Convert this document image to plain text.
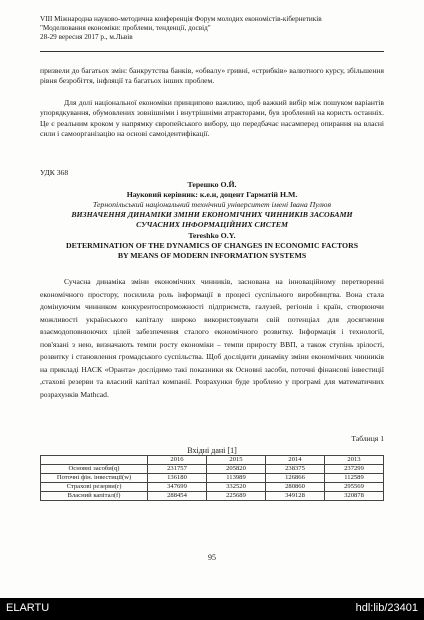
VIII Міжнародна науково-методична конференція Форум молодих економістів-кібернетиків
"Моделювання економіки: проблеми, тенденції, досвід"
28-29 вересня 2017 р., м.Львів

призвели до багатьох змін: банкрутства банків, «обвалу» гривні, «стрибків» валютного курсу, збільшення рівня безробіття, інфляції та багатьох інших проблем.

Для долі національної економіки принципово важливо, щоб важкий вибір між пошуком варіантів упорядкування, обумовлених зовнішніми і внутрішніми атракторами, був зроблений на користь останніх. Це є реальним кроком у напрямку європейського вибору, що передбачає насамперед опирання на власні сили і самоорганізацію на основі самоідентифікації.

УДК 368

Терешко О.Й.

Науковий керівник: к.е.н, доцент Гарматій Н.М.

Тернопільський національний технічний університет імені Івана Пулюя

ВИЗНАЧЕННЯ ДИНАМІКИ ЗМІНИ ЕКОНОМІЧНИХ ЧИННИКІВ ЗАСОБАМИ СУЧАСНИХ ІНФОРМАЦІЙНИХ СИСТЕМ

Tereshko O.Y.

DETERMINATION OF THE DYNAMICS OF CHANGES IN ECONOMIC FACTORS BY MEANS OF MODERN INFORMATION SYSTEMS

Сучасна динаміка зміни економічних чинників, заснована на інноваційному перетворенні економічного простору, посилила роль інформації в процесі суспільного виробництва. Вона стала домінуючим чинником конкурентоспроможності підприємств, галузей, регіонів і країн, створюючи можливості українського капіталу широко використовувати свій потенціал для досягнення взаємодоповнюючих цілей забезпечення сталого економічного розвитку. Інформація і технології, пов'язані з нею, визначають темпи росту економіки – темпи приросту ВВП, а також ступінь зрілості, розвитку і становлення громадського суспільства. Щоб дослідити динаміку зміни економічних чинників на прикладі НАСК «Оранта» дослідимо такі показники як Основні засоби, поточні фінансові інвестиції ,стахові резерви та власний капітал компанії. Розрахунки буде зроблено у програмі для математичних розрахунків Mathcad.

Таблиця 1
Вхідні дані [1]
	2016	2015	2014	2013
Основні засоби(q)	231757	205820	238375	237299
Поточні фін. інвестиції(w)	136180	113989	126866	112589
Страхові резерви(r)	347699	332520	280860	295569
Власний капітал(f)	288454	225689	349128	320878
95
ELARTU	hdl:lib/23401
